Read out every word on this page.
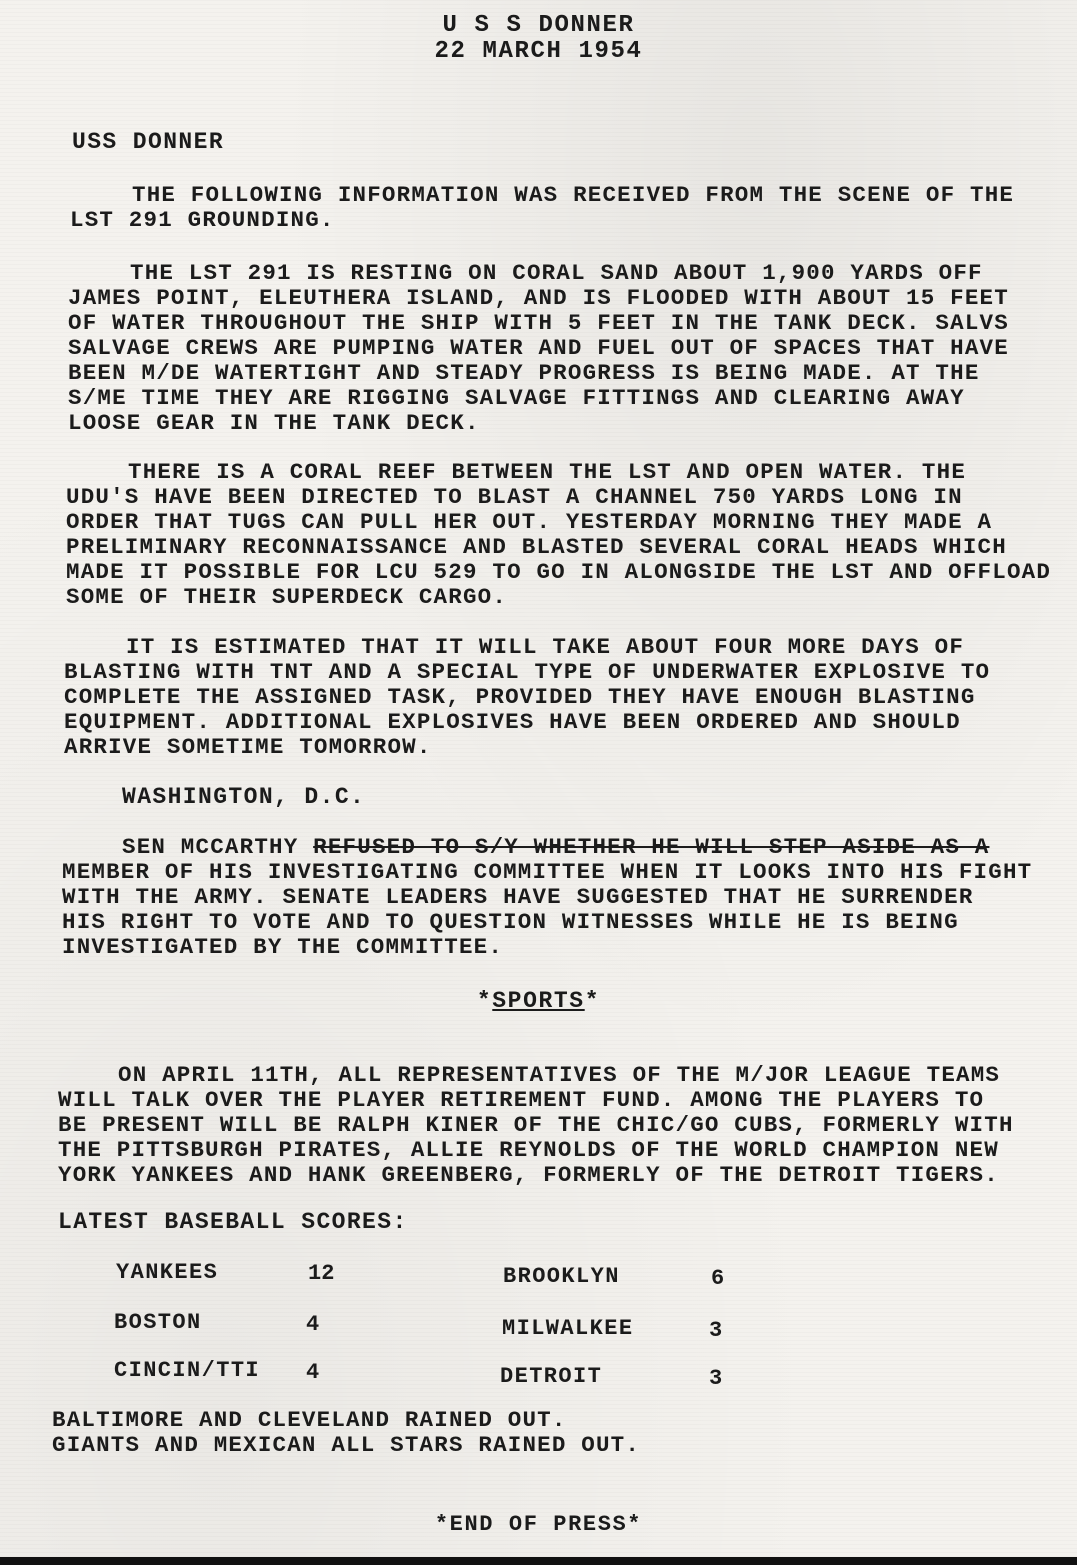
U S S DONNER
22 MARCH 1954
USS DONNER
THE FOLLOWING INFORMATION WAS RECEIVED FROM THE SCENE OF THE
LST 291 GROUNDING.
THE LST 291 IS RESTING ON CORAL SAND ABOUT 1,900 YARDS OFF
JAMES POINT, ELEUTHERA ISLAND, AND IS FLOODED WITH ABOUT 15 FEET
OF WATER THROUGHOUT THE SHIP WITH 5 FEET IN THE TANK DECK. SALVS
SALVAGE CREWS ARE PUMPING WATER AND FUEL OUT OF SPACES THAT HAVE
BEEN M/DE WATERTIGHT AND STEADY PROGRESS IS BEING MADE. AT THE
S/ME TIME THEY ARE RIGGING SALVAGE FITTINGS AND CLEARING AWAY
LOOSE GEAR IN THE TANK DECK.
THERE IS A CORAL REEF BETWEEN THE LST AND OPEN WATER. THE
UDU'S HAVE BEEN DIRECTED TO BLAST A CHANNEL 750 YARDS LONG IN
ORDER THAT TUGS CAN PULL HER OUT. YESTERDAY MORNING THEY MADE A
PRELIMINARY RECONNAISSANCE AND BLASTED SEVERAL CORAL HEADS WHICH
MADE IT POSSIBLE FOR LCU 529 TO GO IN ALONGSIDE THE LST AND OFFLOAD
SOME OF THEIR SUPERDECK CARGO.
IT IS ESTIMATED THAT IT WILL TAKE ABOUT FOUR MORE DAYS OF
BLASTING WITH TNT AND A SPECIAL TYPE OF UNDERWATER EXPLOSIVE TO
COMPLETE THE ASSIGNED TASK, PROVIDED THEY HAVE ENOUGH BLASTING
EQUIPMENT. ADDITIONAL EXPLOSIVES HAVE BEEN ORDERED AND SHOULD
ARRIVE SOMETIME TOMORROW.
WASHINGTON, D.C.
SEN MCCARTHY REFUSED TO S/Y WHETHER HE WILL STEP ASIDE AS A
MEMBER OF HIS INVESTIGATING COMMITTEE WHEN IT LOOKS INTO HIS FIGHT
WITH THE ARMY. SENATE LEADERS HAVE SUGGESTED THAT HE SURRENDER
HIS RIGHT TO VOTE AND TO QUESTION WITNESSES WHILE HE IS BEING
INVESTIGATED BY THE COMMITTEE.
*SPORTS*
ON APRIL 11TH, ALL REPRESENTATIVES OF THE M/JOR LEAGUE TEAMS
WILL TALK OVER THE PLAYER RETIREMENT FUND. AMONG THE PLAYERS TO
BE PRESENT WILL BE RALPH KINER OF THE CHIC/GO CUBS, FORMERLY WITH
THE PITTSBURGH PIRATES, ALLIE REYNOLDS OF THE WORLD CHAMPION NEW
YORK YANKEES AND HANK GREENBERG, FORMERLY OF THE DETROIT TIGERS.
LATEST BASEBALL SCORES:
YANKEES	12	BROOKLYN	6
BOSTON	4	MILWALKEE	3
CINCIN/TTI 4	DETROIT	3
BALTIMORE AND CLEVELAND RAINED OUT.
GIANTS AND MEXICAN ALL STARS RAINED OUT.
*END OF PRESS*
